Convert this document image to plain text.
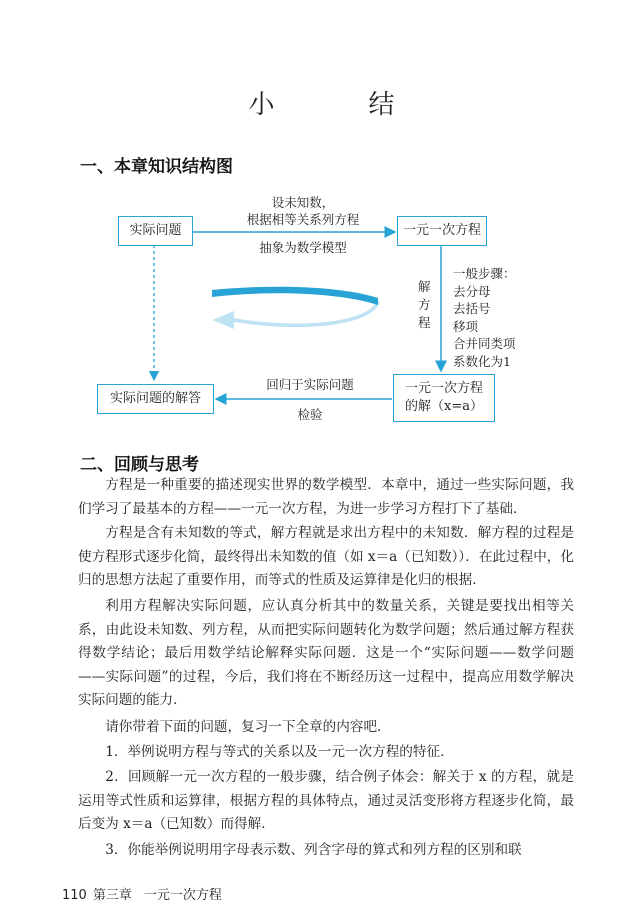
小　结
一、本章知识结构图
实际问题	一元一次方程
实际问题的解答
一元一次方程
的解（x=a）
设未知数，
根据相等关系列方程
抽象为数学模型
解
方
程
一般步骤：
去分母
去括号
移项
合并同类项
系数化为1
回归于实际问题
检验
二、回顾与思考
方程是一种重要的描述现实世界的数学模型．本章中，通过一些实际问题，我们学习了最基本的方程——一元一次方程，为进一步学习方程打下了基础．
方程是含有未知数的等式，解方程就是求出方程中的未知数．解方程的过程是使方程形式逐步化简，最终得出未知数的值（如 x＝a（已知数））．在此过程中，化归的思想方法起了重要作用，而等式的性质及运算律是化归的根据．
利用方程解决实际问题，应认真分析其中的数量关系，关键是要找出相等关系，由此设未知数、列方程，从而把实际问题转化为数学问题；然后通过解方程获得数学结论；最后用数学结论解释实际问题．这是一个“实际问题——数学问题——实际问题”的过程，今后，我们将在不断经历这一过程中，提高应用数学解决实际问题的能力．
请你带着下面的问题，复习一下全章的内容吧．
1．举例说明方程与等式的关系以及一元一次方程的特征．
2．回顾解一元一次方程的一般步骤，结合例子体会：解关于 x 的方程，就是运用等式性质和运算律，根据方程的具体特点，通过灵活变形将方程逐步化简，最后变为 x＝a（已知数）而得解．
3．你能举例说明用字母表示数、列含字母的算式和列方程的区别和联
110 第三章 一元一次方程
